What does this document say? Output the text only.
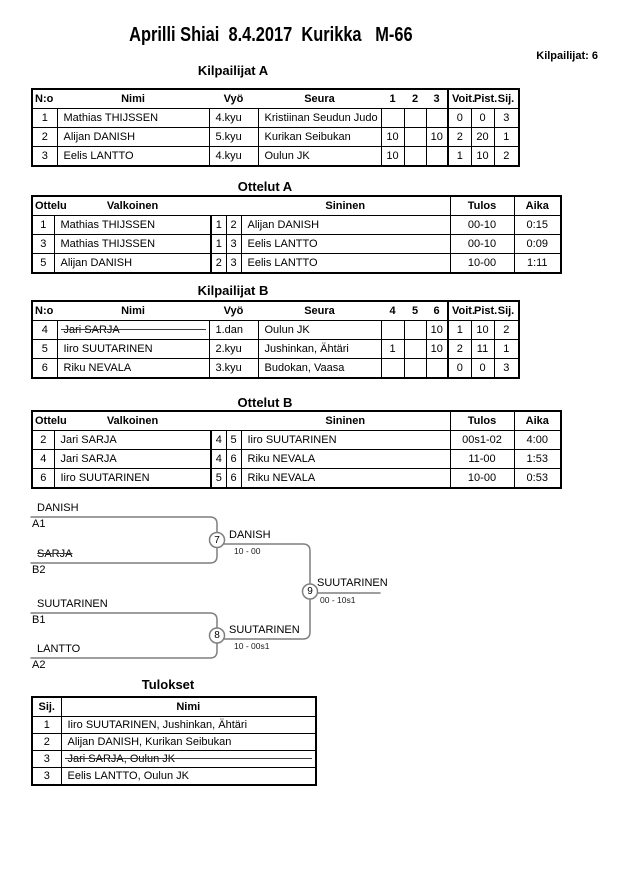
Aprilli Shiai  8.4.2017  Kurikka   M-66
Kilpailijat: 6
Kilpailijat A
N:o	Nimi	Vyö	Seura	1	2	3	Voit.	Pist.	Sij.
1	Mathias THIJSSEN	4.kyu	Kristiinan Seudun Judo				0	0	3
2	Alijan DANISH	5.kyu	Kurikan Seibukan	10		10	2	20	1
3	Eelis LANTTO	4.kyu	Oulun JK	10			1	10	2
Ottelut A
Ottelu	Valkoinen			Sininen	Tulos	Aika
1	Mathias THIJSSEN	1	2	Alijan DANISH	00-10	0:15
3	Mathias THIJSSEN	1	3	Eelis LANTTO	00-10	0:09
5	Alijan DANISH	2	3	Eelis LANTTO	10-00	1:11
Kilpailijat B
N:o	Nimi	Vyö	Seura	4	5	6	Voit.	Pist.	Sij.
4	Jari SARJA	1.dan	Oulun JK			10	1	10	2
5	Iiro SUUTARINEN	2.kyu	Jushinkan, Ähtäri	1		10	2	11	1
6	Riku NEVALA	3.kyu	Budokan, Vaasa				0	0	3
Ottelut B
Ottelu	Valkoinen			Sininen	Tulos	Aika
2	Jari SARJA	4	5	Iiro SUUTARINEN	00s1-02	4:00
4	Jari SARJA	4	6	Riku NEVALA	11-00	1:53
6	Iiro SUUTARINEN	5	6	Riku NEVALA	10-00	0:53
DANISH
A1
SARJA
B2
SUUTARINEN
B1
LANTTO
A2
7
8
9
DANISH
10 - 00
SUUTARINEN
10 - 00s1
SUUTARINEN
00 - 10s1
Tulokset
Sij.	Nimi
1	Iiro SUUTARINEN, Jushinkan, Ähtäri
2	Alijan DANISH, Kurikan Seibukan
3	Jari SARJA, Oulun JK
3	Eelis LANTTO, Oulun JK
